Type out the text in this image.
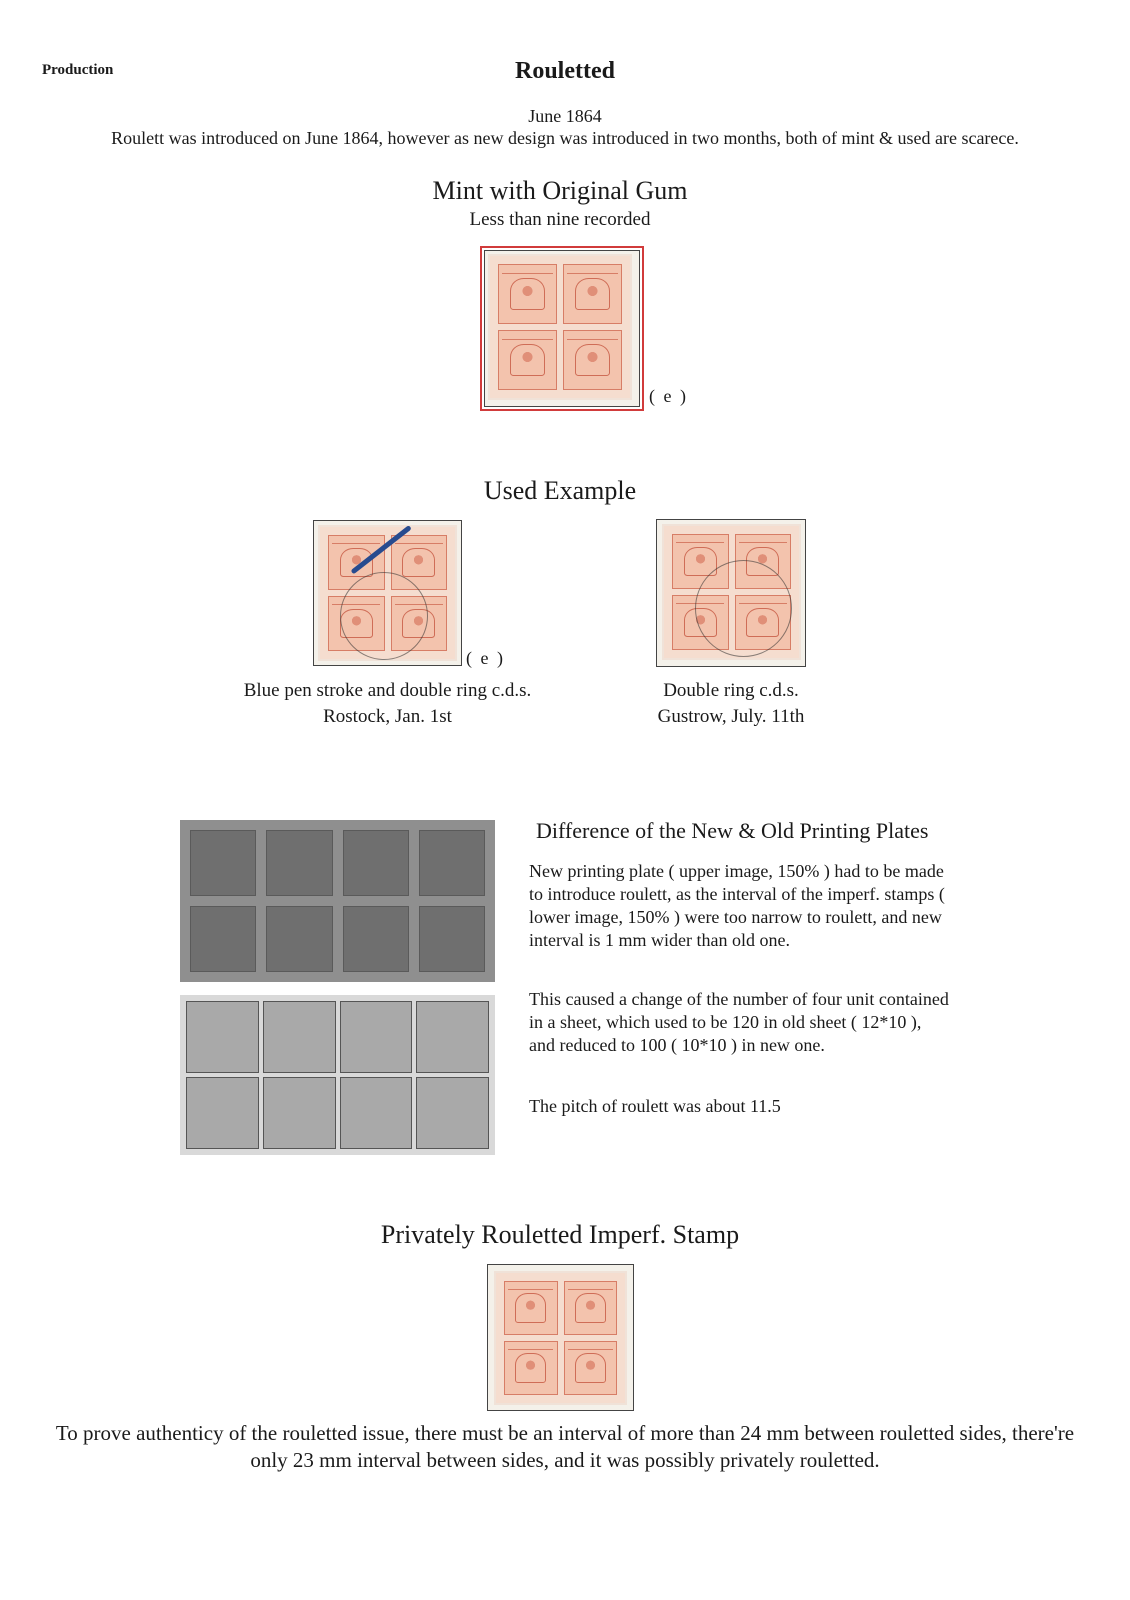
Production	Rouletted
June 1864
Roulett was introduced on June 1864, however as new design was introduced in two months, both of mint & used are scarece.
Mint with Original Gum
Less than nine recorded
( e )
Used Example
( e )
Blue pen stroke and double ring c.d.s.
Rostock, Jan. 1st
Double ring c.d.s.
Gustrow, July. 11th
Difference of the New & Old Printing Plates
New printing plate ( upper image, 150% ) had to be made to introduce roulett, as the interval of the imperf. stamps ( lower image, 150% ) were too narrow to roulett, and new interval is 1 mm wider than old one.
This caused a change of the number of four unit contained in a sheet, which used to be 120 in old sheet ( 12*10 ), and reduced to 100 ( 10*10 ) in new one.
The pitch of roulett was about 11.5
Privately Rouletted Imperf. Stamp
To prove authenticy of the rouletted issue, there must be an interval of more than 24 mm between rouletted sides, there're only 23 mm interval between sides, and it was possibly privately rouletted.
